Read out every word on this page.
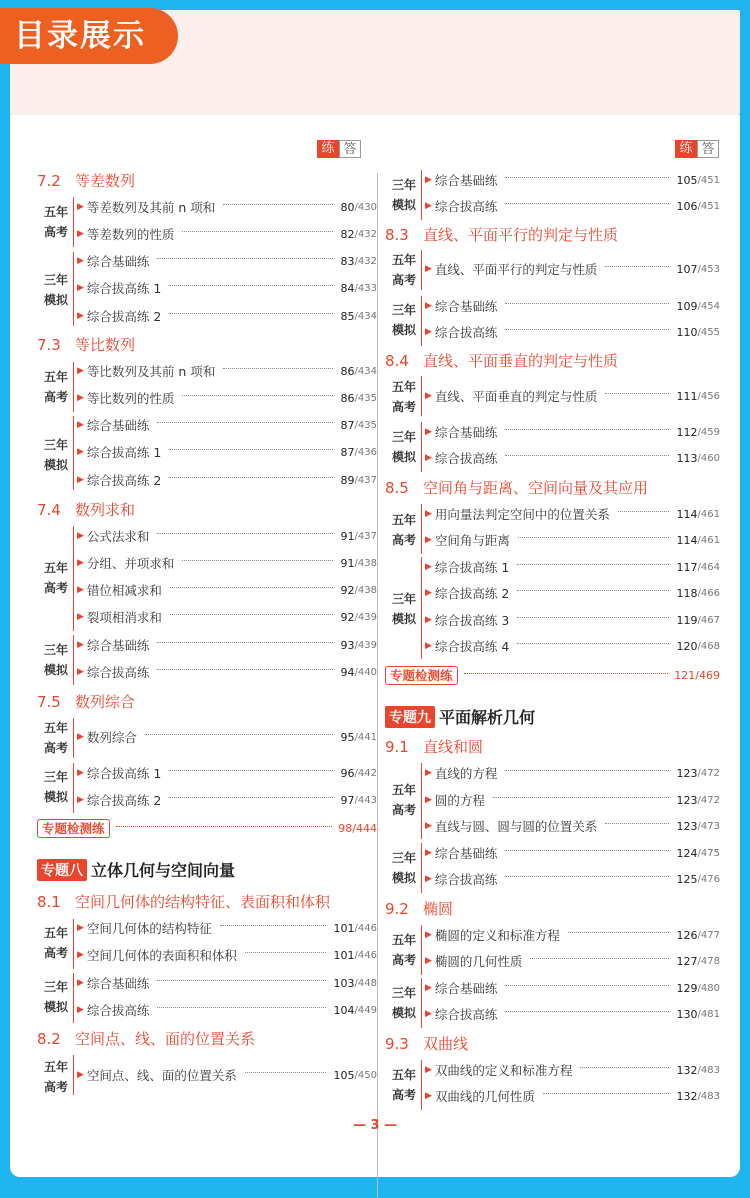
目录展示
练 答
7.2 等差数列
五年
高考
▶ 等差数列及其前 n 项和	80 /430
▶ 等差数列的性质	82 /432
三年
模拟
▶ 综合基础练	83 /432
▶ 综合拔高练 1	84 /433
▶ 综合拔高练 2	85 /434
7.3 等比数列
五年
高考
▶ 等比数列及其前 n 项和	86 /434
▶ 等比数列的性质	86 /435
三年
模拟
▶ 综合基础练	87 /435
▶ 综合拔高练 1	87 /436
▶ 综合拔高练 2	89 /437
7.4 数列求和
五年
高考
▶ 公式法求和	91 /437
▶ 分组、并项求和	91 /438
▶ 错位相减求和	92 /438
▶ 裂项相消求和	92 /439
三年
模拟
▶ 综合基础练	93 /439
▶ 综合拔高练	94 /440
7.5 数列综合
五年
高考
▶ 数列综合	95 /441
三年
模拟
▶ 综合拔高练 1	96 /442
▶ 综合拔高练 2	97 /443
专题检测练	98/444
专题八 立体几何与空间向量
8.1 空间几何体的结构特征、表面积和体积
五年
高考
▶ 空间几何体的结构特征	101 /446
▶ 空间几何体的表面积和体积	101 /446
三年
模拟
▶ 综合基础练	103 /448
▶ 综合拔高练	104 /449
8.2 空间点、线、面的位置关系
五年
高考
▶ 空间点、线、面的位置关系	105 /450
练 答
三年
模拟
▶ 综合基础练	105 /451
▶ 综合拔高练	106 /451
8.3 直线、平面平行的判定与性质
五年
高考
▶ 直线、平面平行的判定与性质	107 /453
三年
模拟
▶ 综合基础练	109 /454
▶ 综合拔高练	110 /455
8.4 直线、平面垂直的判定与性质
五年
高考
▶ 直线、平面垂直的判定与性质	111 /456
三年
模拟
▶ 综合基础练	112 /459
▶ 综合拔高练	113 /460
8.5 空间角与距离、空间向量及其应用
五年
高考
▶ 用向量法判定空间中的位置关系	114 /461
▶ 空间角与距离	114 /461
三年
模拟
▶ 综合拔高练 1	117 /464
▶ 综合拔高练 2	118 /466
▶ 综合拔高练 3	119 /467
▶ 综合拔高练 4	120 /468
专题检测练	121/469
专题九 平面解析几何
9.1 直线和圆
五年
高考
▶ 直线的方程	123 /472
▶ 圆的方程	123 /472
▶ 直线与圆、圆与圆的位置关系	123 /473
三年
模拟
▶ 综合基础练	124 /475
▶ 综合拔高练	125 /476
9.2 椭圆
五年
高考
▶ 椭圆的定义和标准方程	126 /477
▶ 椭圆的几何性质	127 /478
三年
模拟
▶ 综合基础练	129 /480
▶ 综合拔高练	130 /481
9.3 双曲线
五年
高考
▶ 双曲线的定义和标准方程	132 /483
▶ 双曲线的几何性质	132 /483
— 3 —
